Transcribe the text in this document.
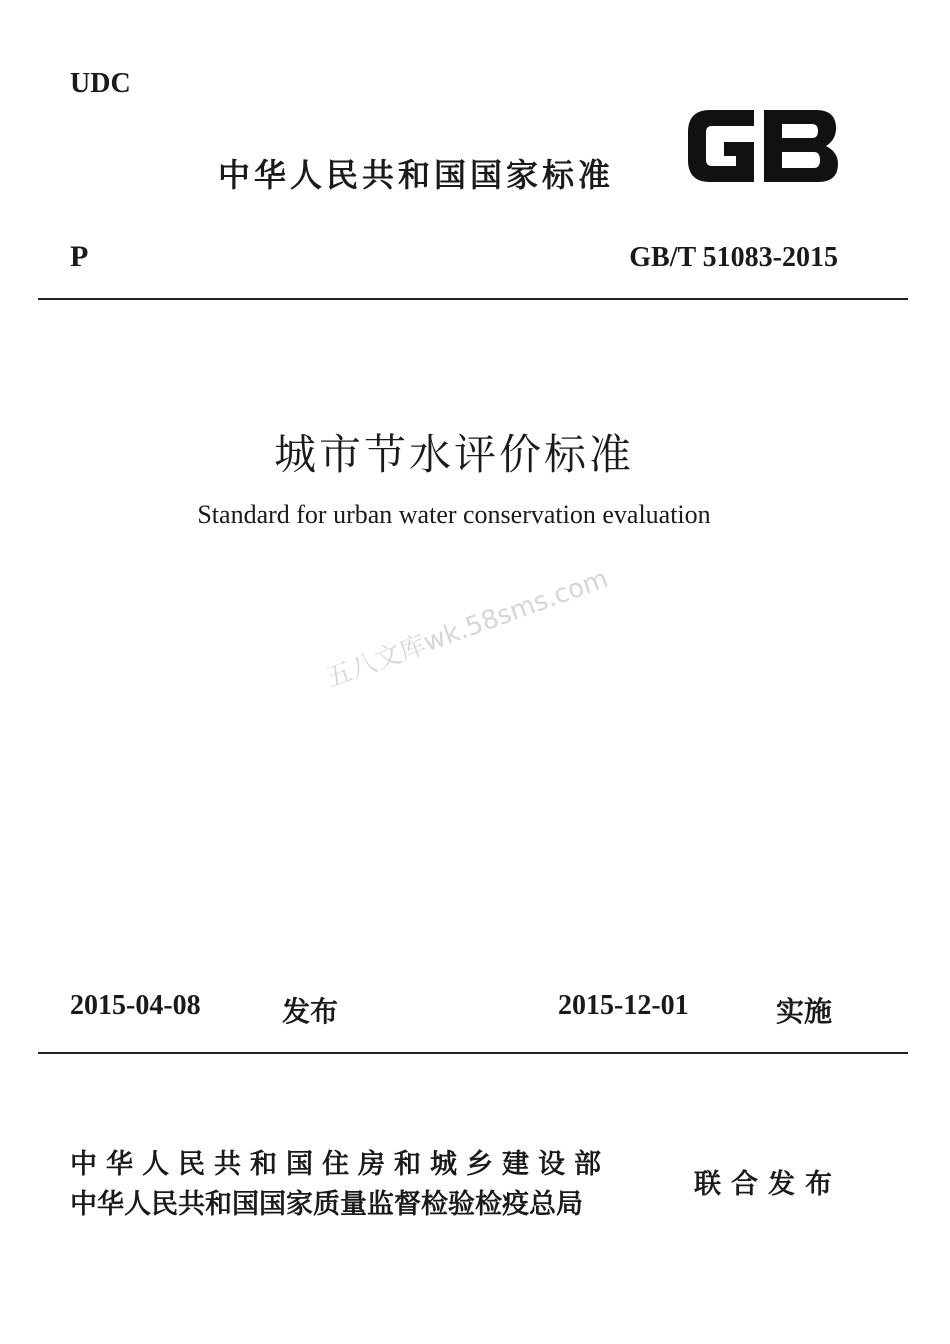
UDC
中华人民共和国国家标准
P	GB/T 51083-2015
城市节水评价标准
Standard for urban water conservation evaluation
五八文库wk.58sms.com
2015-04-08	发布	2015-12-01	实施
中华人民共和国住房和城乡建设部
中华人民共和国国家质量监督检验检疫总局
联合发布
